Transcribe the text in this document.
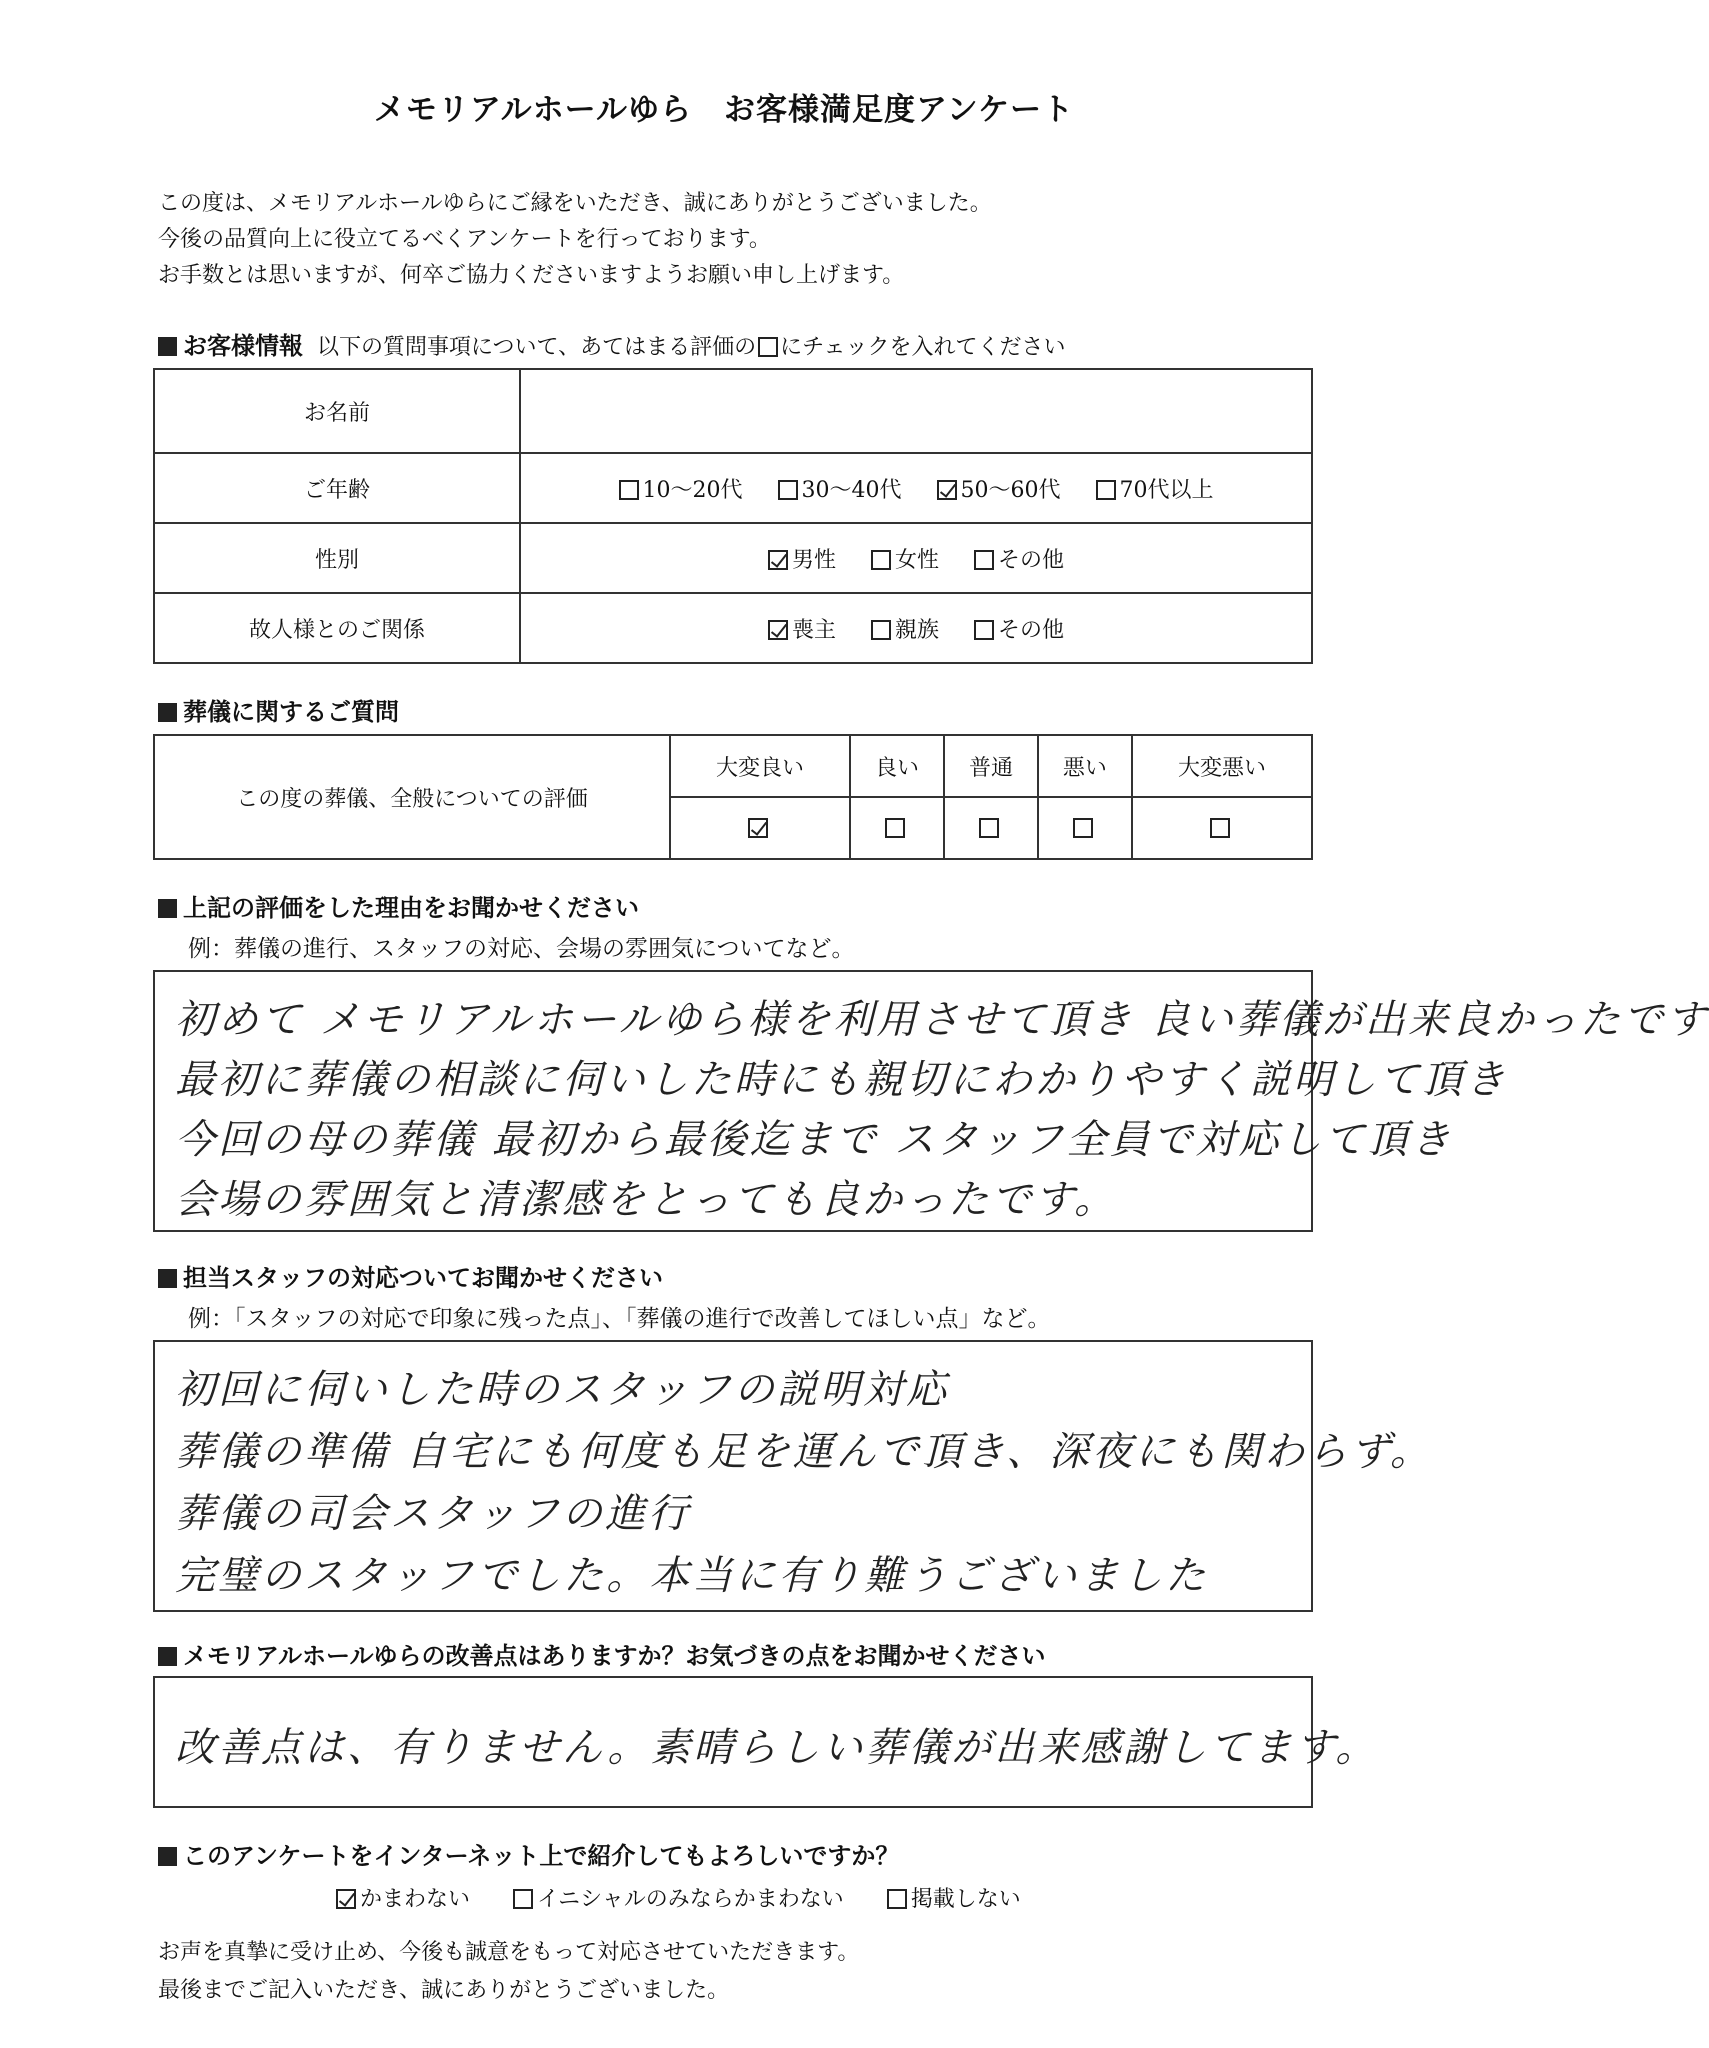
メモリアルホールゆら　お客様満足度アンケート
この度は、メモリアルホールゆらにご縁をいただき、誠にありがとうございました。
今後の品質向上に役立てるべくアンケートを行っております。
お手数とは思いますが、何卒ご協力くださいますようお願い申し上げます。
お客様情報 以下の質問事項について、あてはまる評価の にチェックを入れてください
お名前	
ご年齢	10～20代 30～40代 50～60代 70代以上
性別	男性 女性 その他
故人様とのご関係	喪主 親族 その他
葬儀に関するご質問
この度の葬儀、全般についての評価	大変良い	良い	普通	悪い	大変悪い

上記の評価をした理由をお聞かせください
例：葬儀の進行、スタッフの対応、会場の雰囲気についてなど。
初めて メモリアルホールゆら様を利用させて頂き 良い葬儀が出来良かったです
最初に葬儀の相談に伺いした時にも親切にわかりやすく説明して頂き
今回の母の葬儀 最初から最後迄まで スタッフ全員で対応して頂き
会場の雰囲気と清潔感をとっても良かったです。
担当スタッフの対応ついてお聞かせください
例：「スタッフの対応で印象に残った点」、「葬儀の進行で改善してほしい点」など。
初回に伺いした時のスタッフの説明対応
葬儀の準備 自宅にも何度も足を運んで頂き、深夜にも関わらず。
葬儀の司会スタッフの進行
完璧のスタッフでした。本当に有り難うございました
メモリアルホールゆらの改善点はありますか？お気づきの点をお聞かせください
改善点は、有りません。素晴らしい葬儀が出来感謝してます。
このアンケートをインターネット上で紹介してもよろしいですか？
かまわない	イニシャルのみならかまわない	掲載しない
お声を真摯に受け止め、今後も誠意をもって対応させていただきます。
最後までご記入いただき、誠にありがとうございました。
